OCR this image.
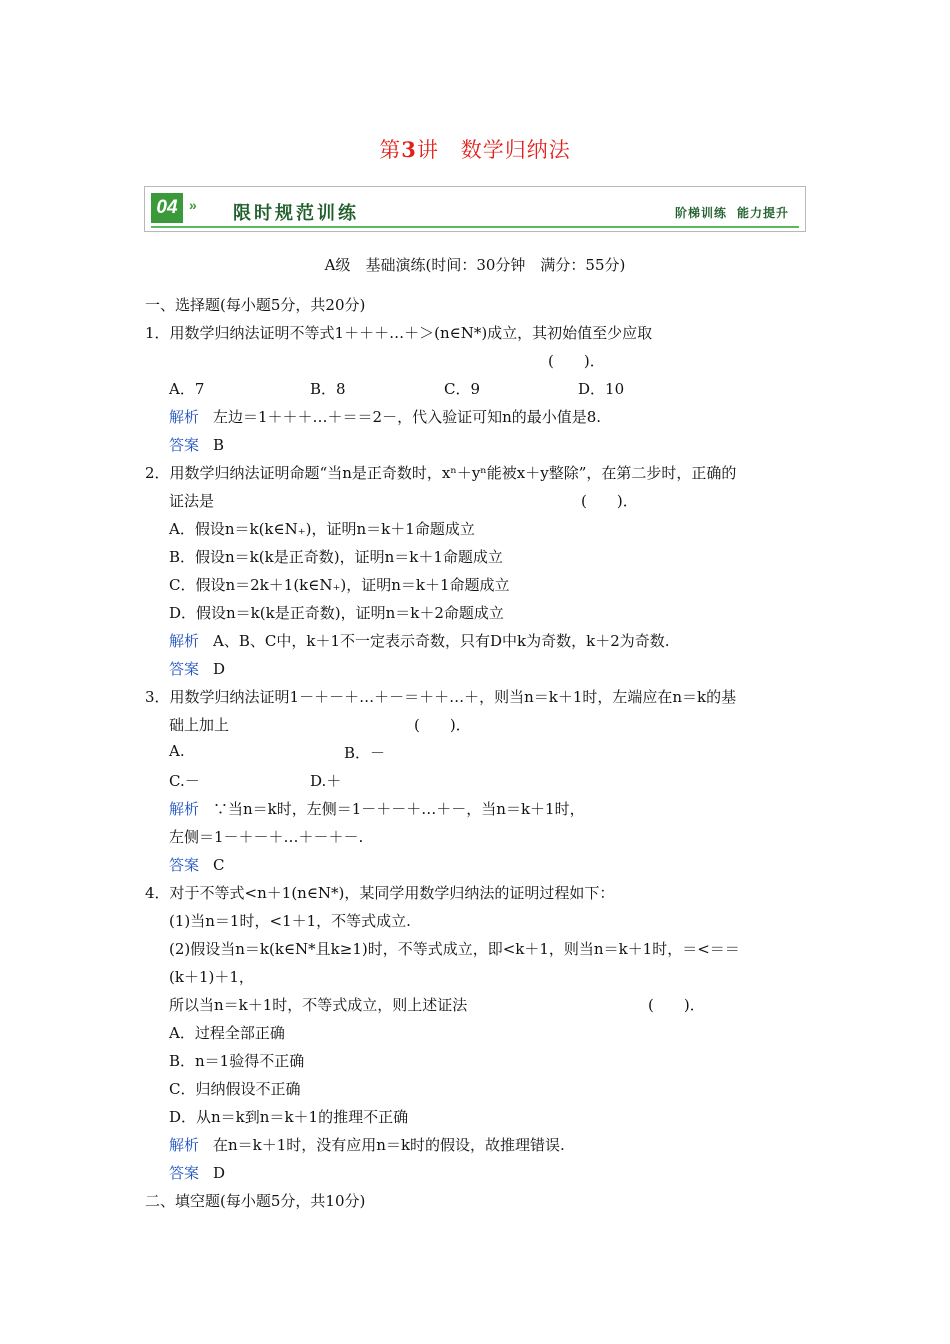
第3讲　数学归纳法
04 » 限时规范训练	阶梯训练 能力提升
A级　基础演练(时间：30分钟　满分：55分)
一、选择题(每小题5分，共20分)
1．用数学归纳法证明不等式1＋＋＋…＋＞(n∈N*)成立，其初始值至少应取
(　　)．
A．7	B．8	C．9	D．10
解析 左边＝1＋＋＋…＋＝＝2－，代入验证可知n的最小值是8.
答案 B
2．用数学归纳法证明命题“当n是正奇数时，xⁿ＋yⁿ能被x＋y整除”，在第二步时，正确的
证法是	(　　)．
A．假设n＝k(k∈N₊)，证明n＝k＋1命题成立
B．假设n＝k(k是正奇数)，证明n＝k＋1命题成立
C．假设n＝2k＋1(k∈N₊)，证明n＝k＋1命题成立
D．假设n＝k(k是正奇数)，证明n＝k＋2命题成立
解析 A、B、C中，k＋1不一定表示奇数，只有D中k为奇数，k＋2为奇数.
答案 D
3．用数学归纳法证明1－＋－＋…＋－＝＋＋…＋，则当n＝k＋1时，左端应在n＝k的基
础上加上	(　　)．
A.	B．－
C.－	D.＋
解析 ∵当n＝k时，左侧＝1－＋－＋…＋－，当n＝k＋1时，
左侧＝1－＋－＋…＋－＋－.
答案 C
4．对于不等式<n＋1(n∈N*)，某同学用数学归纳法的证明过程如下：
(1)当n＝1时，<1＋1，不等式成立.
(2)假设当n＝k(k∈N*且k≥1)时，不等式成立，即<k＋1，则当n＝k＋1时，＝<＝＝
(k＋1)＋1，
所以当n＝k＋1时，不等式成立，则上述证法	(　　)．
A．过程全部正确
B．n＝1验得不正确
C．归纳假设不正确
D．从n＝k到n＝k＋1的推理不正确
解析 在n＝k＋1时，没有应用n＝k时的假设，故推理错误.
答案 D
二、填空题(每小题5分，共10分)
